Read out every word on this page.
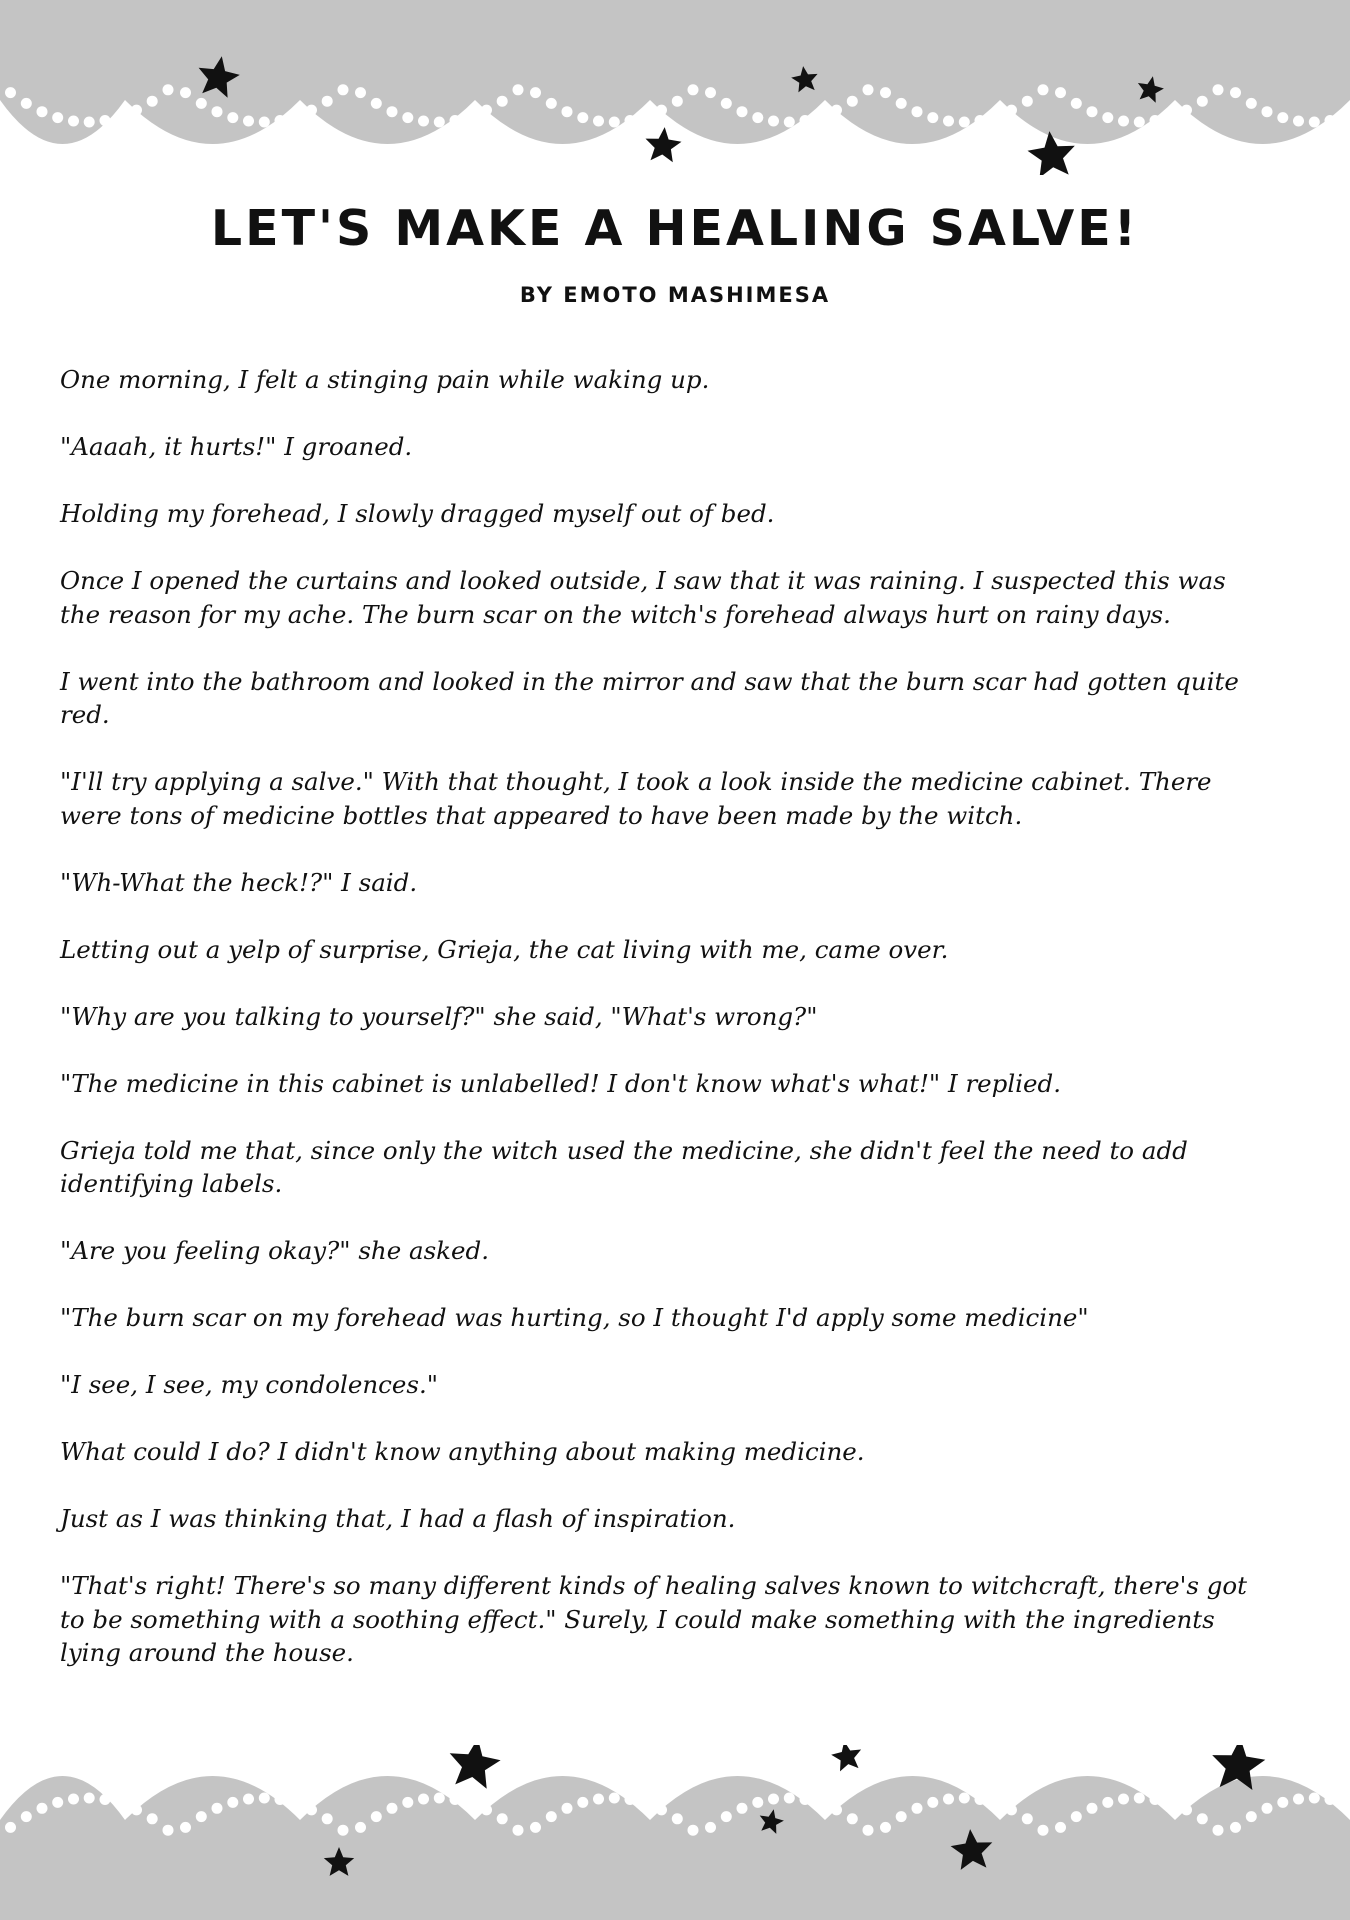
LET'S MAKE A HEALING SALVE!
BY EMOTO MASHIMESA

One morning, I felt a stinging pain while waking up.

"Aaaah, it hurts!" I groaned.

Holding my forehead, I slowly dragged myself out of bed.

Once I opened the curtains and looked outside, I saw that it was raining. I suspected this was the reason for my ache. The burn scar on the witch's forehead always hurt on rainy days.

I went into the bathroom and looked in the mirror and saw that the burn scar had gotten quite red.

"I'll try applying a salve." With that thought, I took a look inside the medicine cabinet. There were tons of medicine bottles that appeared to have been made by the witch.

"Wh-What the heck!?" I said.

Letting out a yelp of surprise, Grieja, the cat living with me, came over.

"Why are you talking to yourself?" she said, "What's wrong?"

"The medicine in this cabinet is unlabelled! I don't know what's what!" I replied.

Grieja told me that, since only the witch used the medicine, she didn't feel the need to add identifying labels.

"Are you feeling okay?" she asked.

"The burn scar on my forehead was hurting, so I thought I'd apply some medicine"

"I see, I see, my condolences."

What could I do? I didn't know anything about making medicine.

Just as I was thinking that, I had a flash of inspiration.

"That's right! There's so many different kinds of healing salves known to witchcraft, there's got to be something with a soothing effect." Surely, I could make something with the ingredients lying around the house.
